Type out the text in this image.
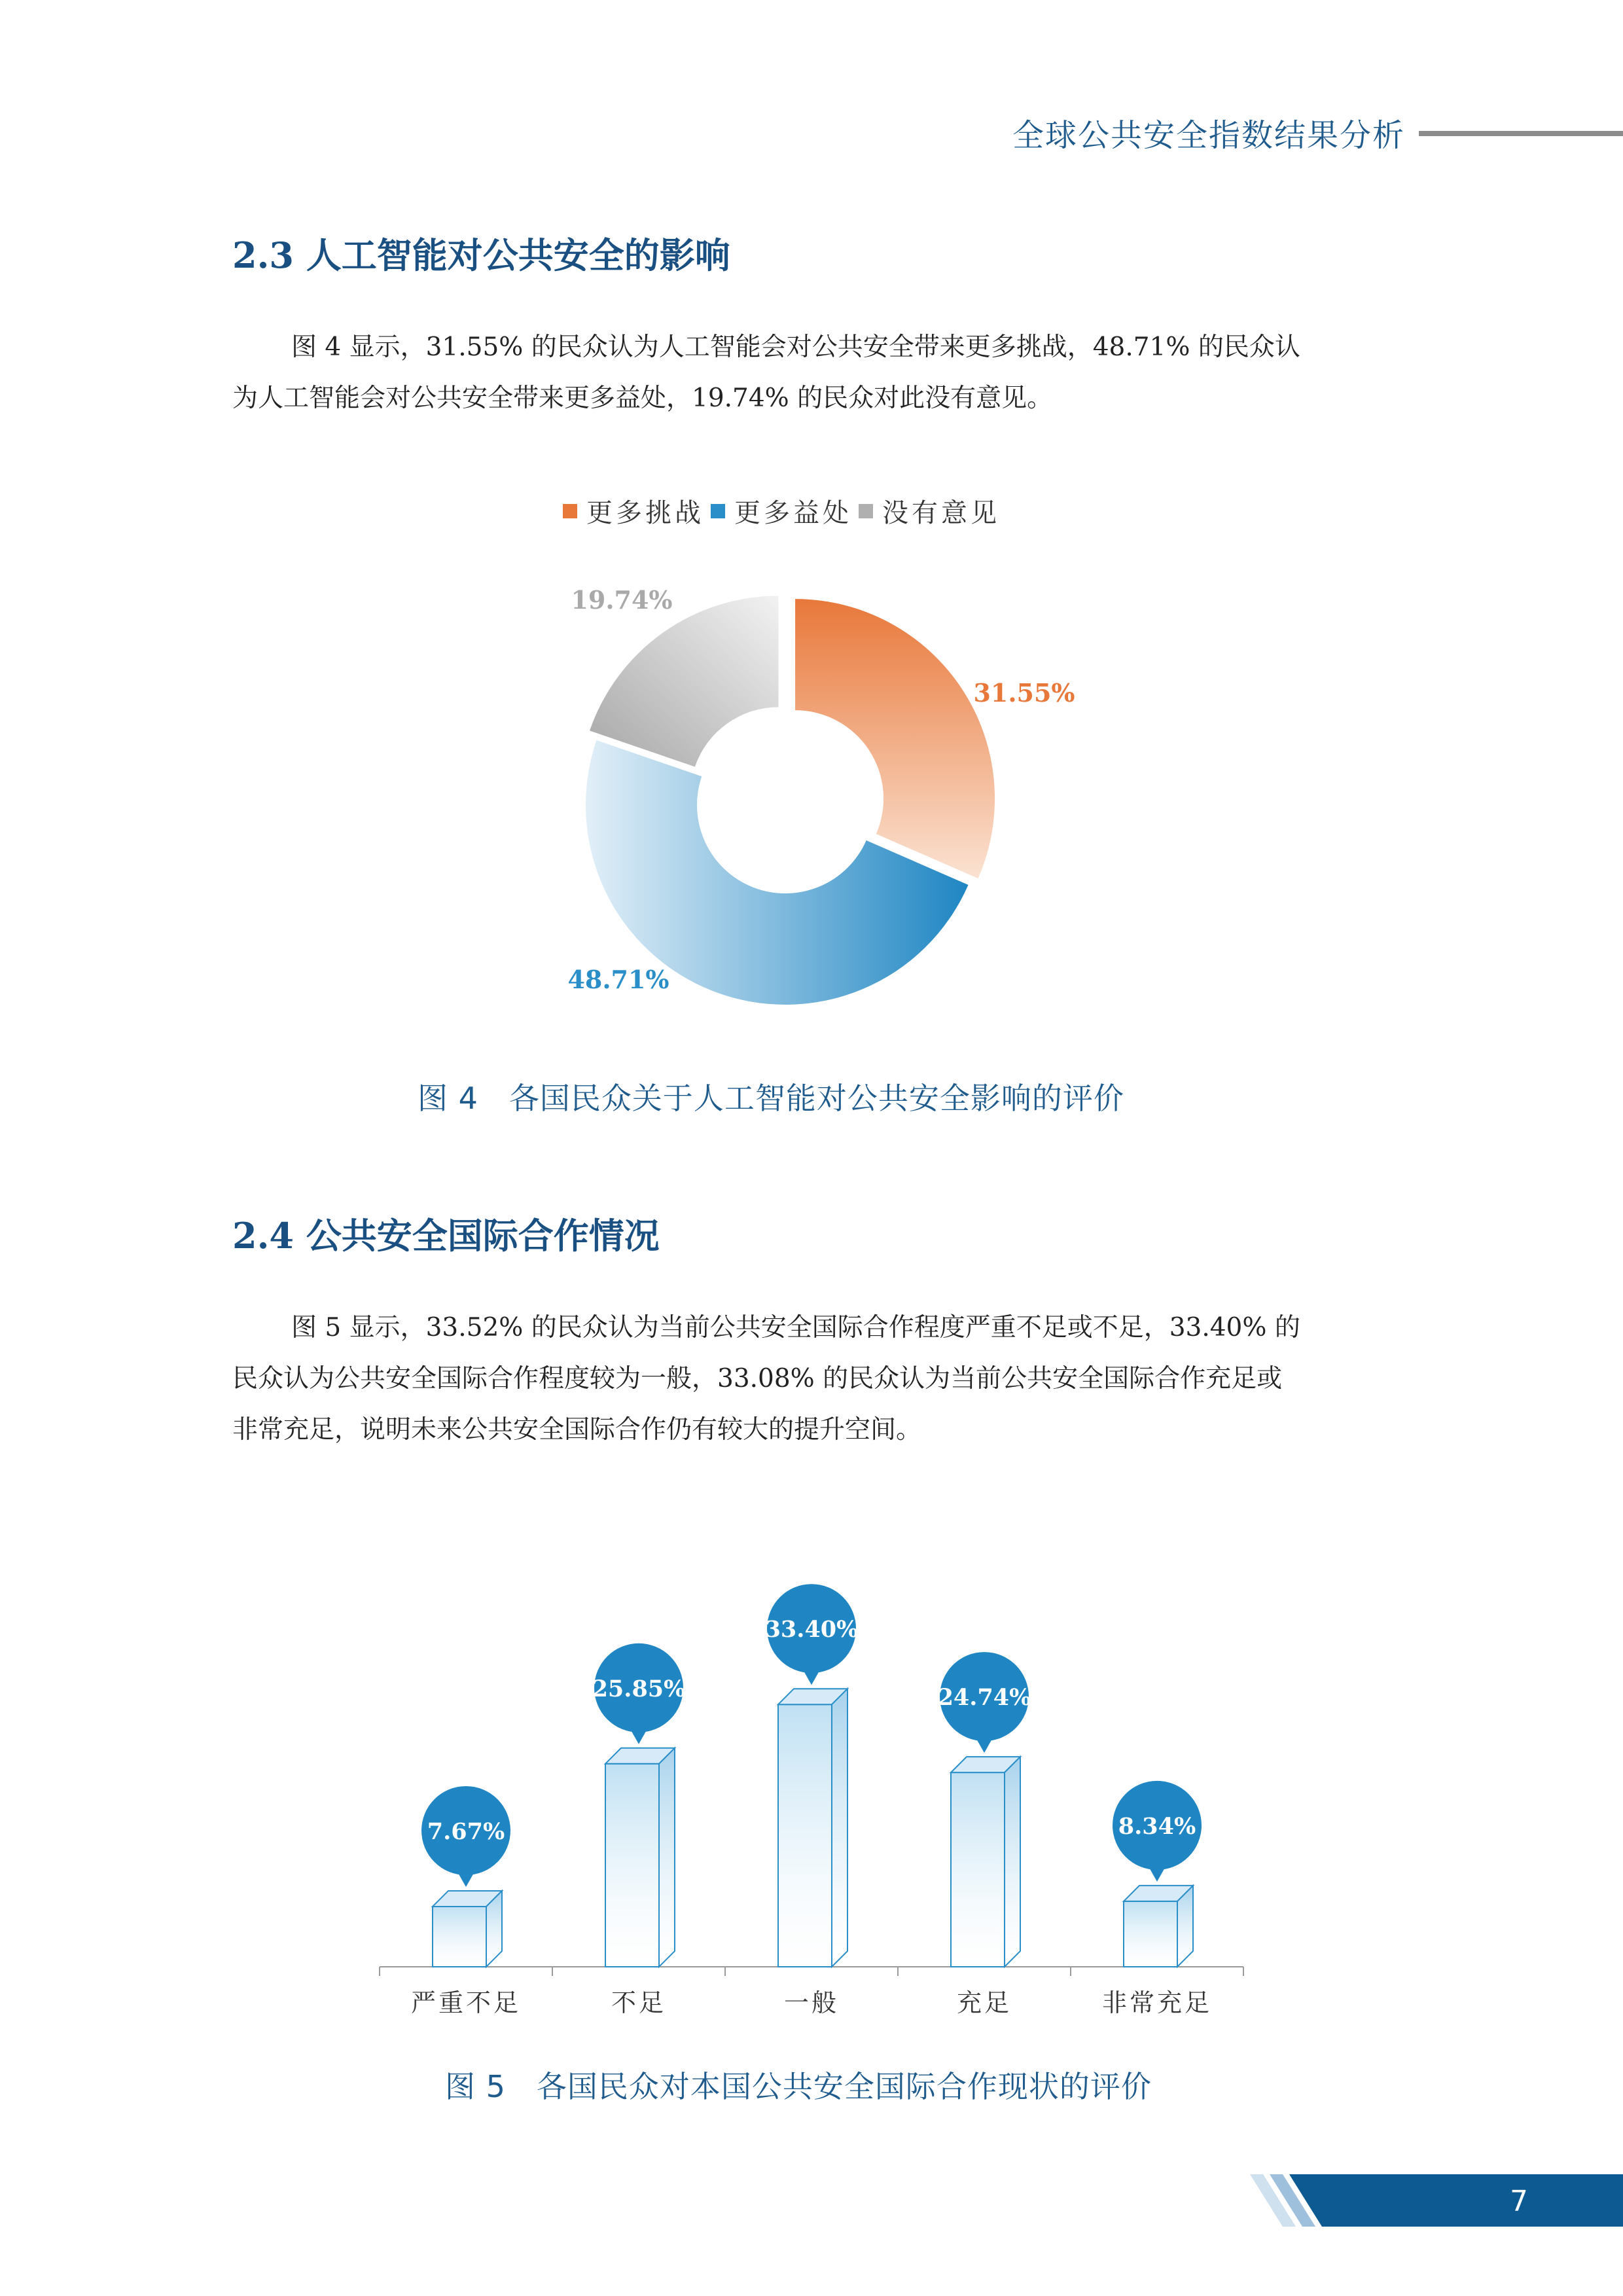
全球公共安全指数结果分析
2.3 人工智能对公共安全的影响

图 4 显示，31.55% 的民众认为人工智能会对公共安全带来更多挑战，48.71% 的民众认

为人工智能会对公共安全带来更多益处，19.74% 的民众对此没有意见。

更多挑战 更多益处 没有意见
31.55%
48.71%
19.74%
图 4　各国民众关于人工智能对公共安全影响的评价
2.4 公共安全国际合作情况

图 5 显示，33.52% 的民众认为当前公共安全国际合作程度严重不足或不足，33.40% 的

民众认为公共安全国际合作程度较为一般，33.08% 的民众认为当前公共安全国际合作充足或

非常充足，说明未来公共安全国际合作仍有较大的提升空间。

7.67%
严重不足
25.85%
不足
33.40%
一般
24.74%
充足
8.34%
非常充足
图 5　各国民众对本国公共安全国际合作现状的评价
7
